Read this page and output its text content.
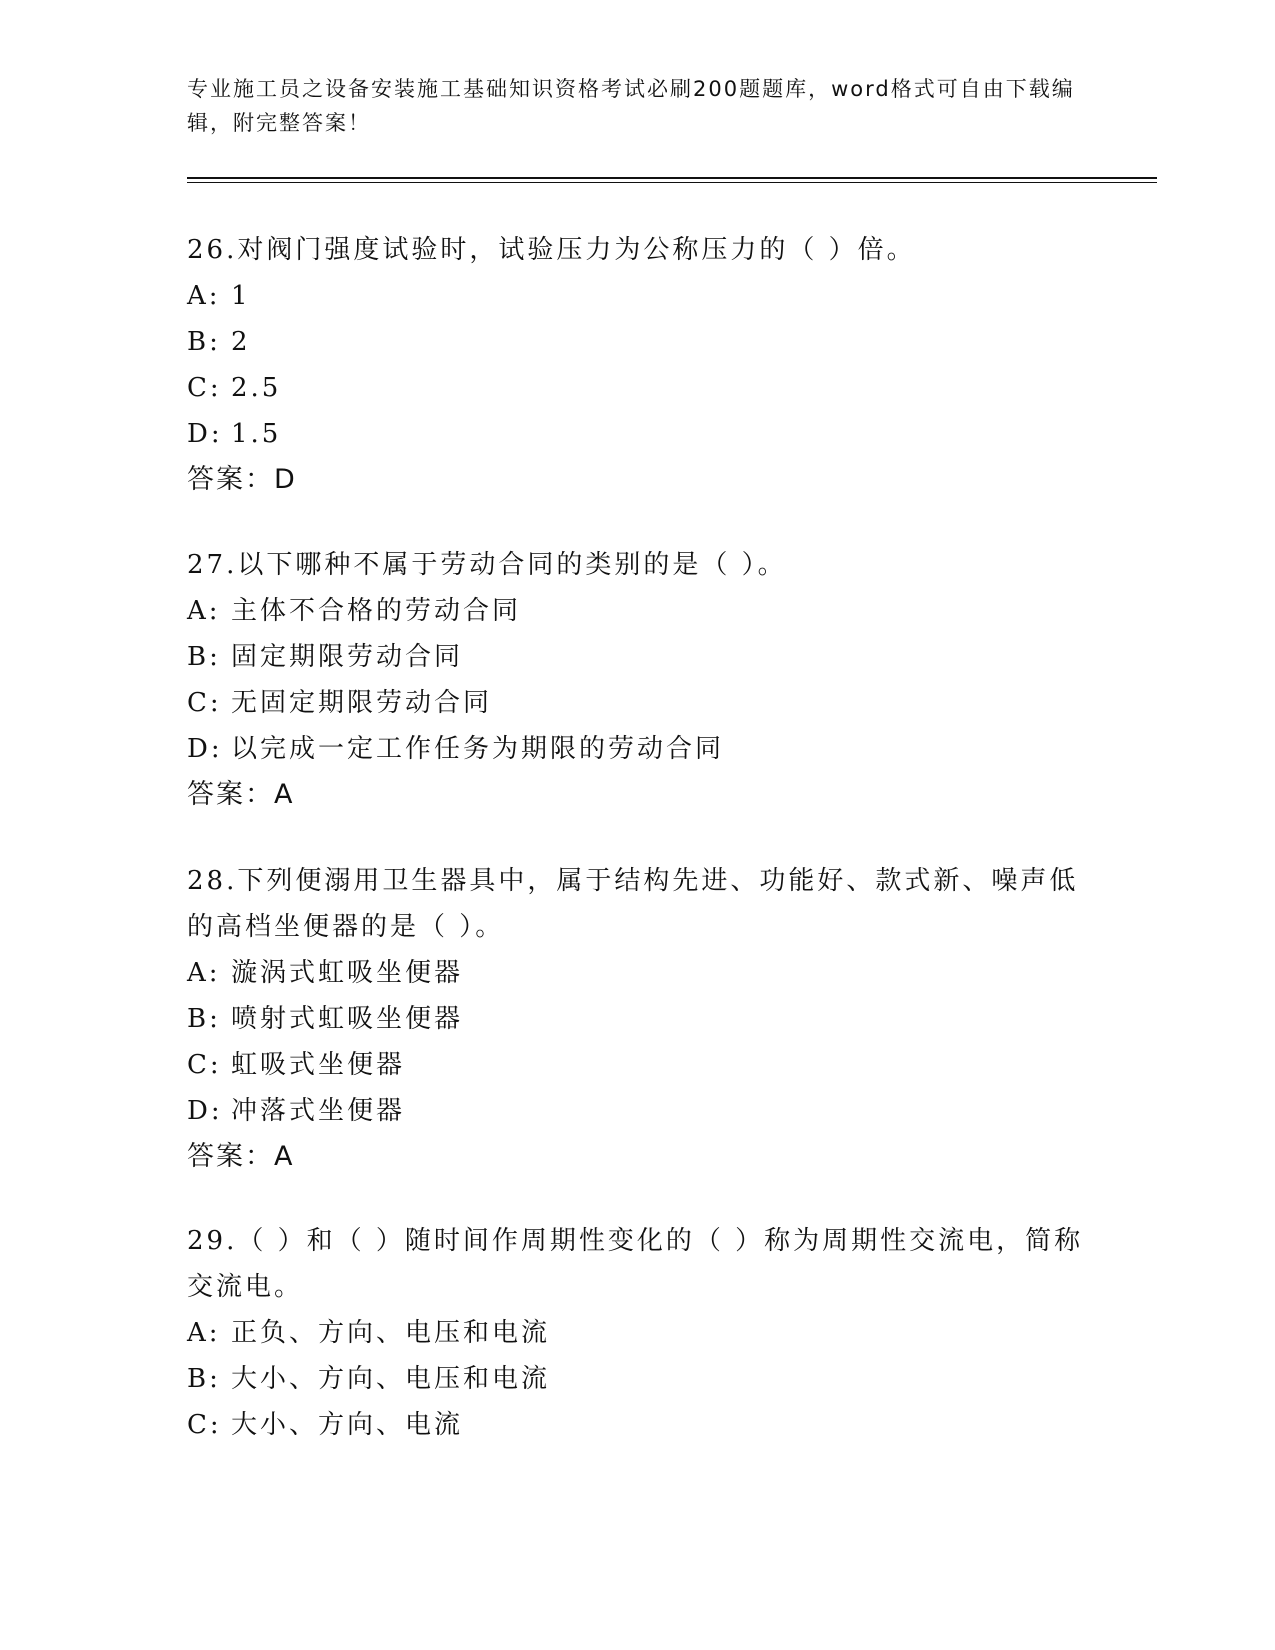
专业施工员之设备安装施工基础知识资格考试必刷200题题库，word格式可自由下载编辑，附完整答案！

26.对阀门强度试验时，试验压力为公称压力的（ ）倍。

A: 1
B: 2
C: 2.5
D: 1.5

答案：D

27.以下哪种不属于劳动合同的类别的是（ ）。

A: 主体不合格的劳动合同
B: 固定期限劳动合同
C: 无固定期限劳动合同
D: 以完成一定工作任务为期限的劳动合同

答案：A

28.下列便溺用卫生器具中，属于结构先进、功能好、款式新、噪声低的高档坐便器的是（ ）。

A: 漩涡式虹吸坐便器
B: 喷射式虹吸坐便器
C: 虹吸式坐便器
D: 冲落式坐便器

答案：A

29.（ ）和（ ）随时间作周期性变化的（ ）称为周期性交流电，简称交流电。

A: 正负、方向、电压和电流
B: 大小、方向、电压和电流
C: 大小、方向、电流
